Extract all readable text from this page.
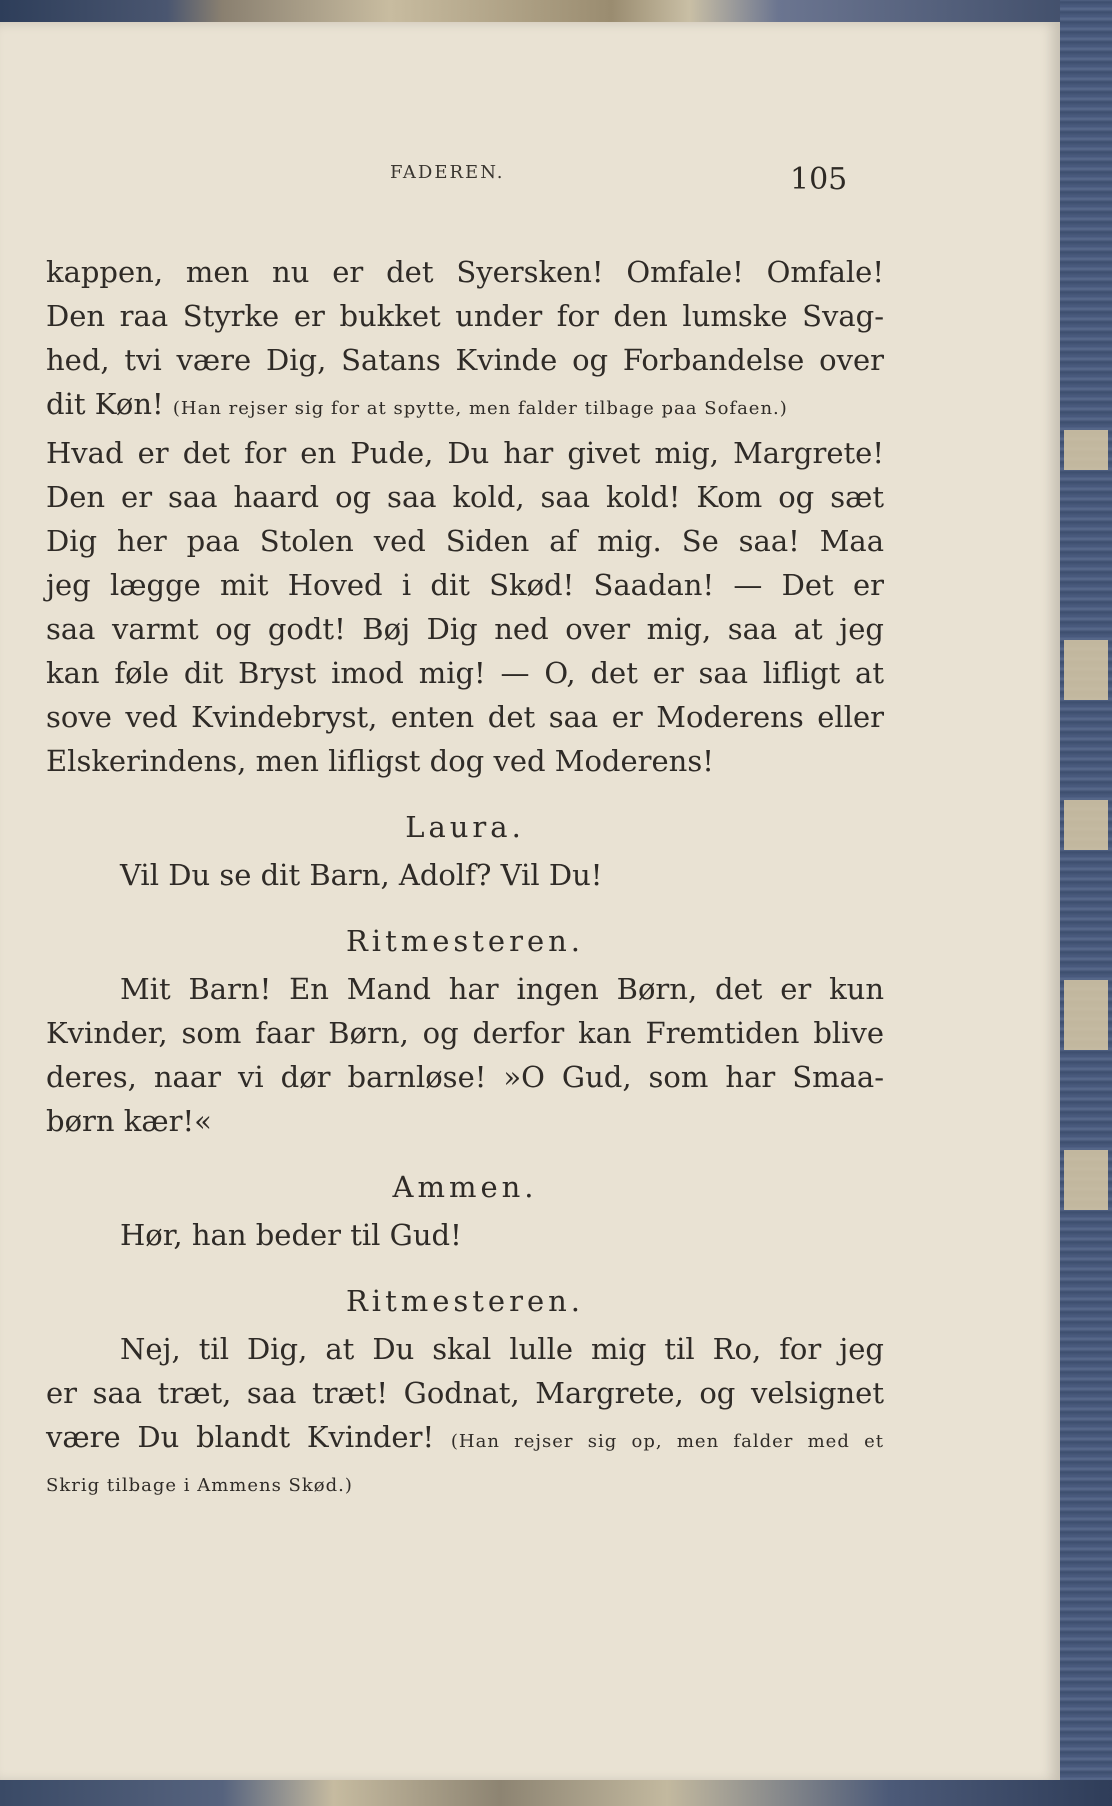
FADEREN.	105
kappen, men nu er det Syersken! Omfale! Omfale!
Den raa Styrke er bukket under for den lumske Svag-
hed, tvi være Dig, Satans Kvinde og Forbandelse over
dit Køn! (Han rejser sig for at spytte, men falder tilbage paa Sofaen.)
Hvad er det for en Pude, Du har givet mig, Margrete!
Den er saa haard og saa kold, saa kold! Kom og sæt
Dig her paa Stolen ved Siden af mig. Se saa! Maa
jeg lægge mit Hoved i dit Skød! Saadan! — Det er
saa varmt og godt! Bøj Dig ned over mig, saa at jeg
kan føle dit Bryst imod mig! — O, det er saa lifligt at
sove ved Kvindebryst, enten det saa er Moderens eller
Elskerindens, men lifligst dog ved Moderens!
Laura.
Vil Du se dit Barn, Adolf? Vil Du!
Ritmesteren.
Mit Barn! En Mand har ingen Børn, det er kun
Kvinder, som faar Børn, og derfor kan Fremtiden blive
deres, naar vi dør barnløse! »O Gud, som har Smaa-
børn kær!«
Ammen.
Hør, han beder til Gud!
Ritmesteren.
Nej, til Dig, at Du skal lulle mig til Ro, for jeg
er saa træt, saa træt! Godnat, Margrete, og velsignet
være Du blandt Kvinder! (Han rejser sig op, men falder med et
Skrig tilbage i Ammens Skød.)
